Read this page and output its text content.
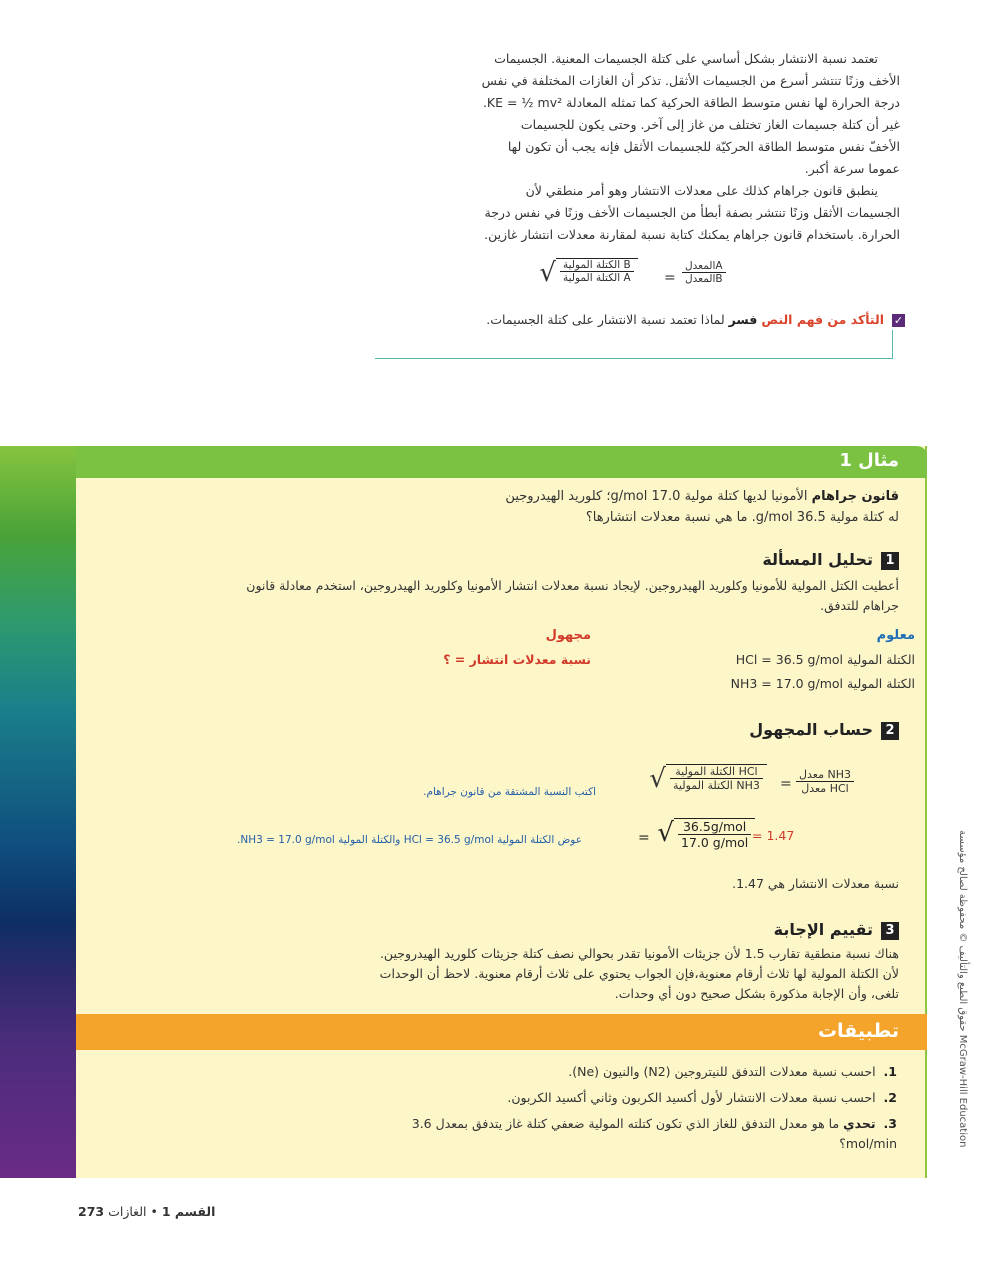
تعتمد نسبة الانتشار بشكل أساسي على كتلة الجسيمات المعنية. الجسيمات

الأخف وزنًا تنتشر أسرع من الجسيمات الأثقل. تذكر أن الغازات المختلفة في نفس

درجة الحرارة لها نفس متوسط الطاقة الحركية كما تمثله المعادلة KE = ½ mv².

غير أن كتلة جسيمات الغاز تختلف من غاز إلى آخر. وحتى يكون للجسيمات

الأخفّ نفس متوسط الطاقة الحركيّة للجسيمات الأثقل فإنه يجب أن تكون لها

عموما سرعة أكبر.

ينطبق قانون جراهام كذلك على معدلات الانتشار وهو أمر منطقي لأن

الجسيمات الأثقل وزنًا تنتشر بصفة أبطأ من الجسيمات الأخف وزنًا في نفس درجة

الحرارة. باستخدام قانون جراهام يمكنك كتابة نسبة لمقارنة معدلات انتشار غازين.

√ $\frac{\text{الكتلة المولية B}}{\text{الكتلة المولية A}}$ =
المعدلA
المعدلB
✓ التأكد من فهم النص فسر لماذا تعتمد نسبة الانتشار على كتلة الجسيمات.
مثال 1
قانون جراهام الأمونيا لديها كتلة مولية 17.0 g/mol؛ كلوريد الهيدروجين
له كتلة مولية 36.5 g/mol. ما هي نسبة معدلات انتشارها؟
1تحليل المسألة
أعطيت الكتل المولية للأمونيا وكلوريد الهيدروجين. لإيجاد نسبة معدلات انتشار الأمونيا وكلوريد الهيدروجين، استخدم معادلة قانون
جراهام للتدفق.
معلوم
الكتلة المولية HCl = 36.5 g/mol
الكتلة المولية NH3 = 17.0 g/mol
مجهول
نسبة معدلات انتشار = ؟
2حساب المجهول
√ $\frac{\text{الكتلة المولية HCl}}{\text{الكتلة المولية NH3}}$ =
معدل NH3
معدل HCl
اكتب النسبة المشتقة من قانون جراهام.
=
√ $\frac{\text{36.5g/mol}}{\text{17.0 g/mol}} = 1.47$
عوض الكتلة المولية HCl = 36.5 g/mol والكتلة المولية NH3 = 17.0 g/mol.
نسبة معدلات الانتشار هي 1.47.
3تقييم الإجابة
هناك نسبة منطقية تقارب 1.5 لأن جزيئات الأمونيا تقدر بحوالي نصف كتلة جزيئات كلوريد الهيدروجين.
لأن الكتلة المولية لها ثلاث أرقام معنوية،فإن الجواب يحتوي على ثلاث أرقام معنوية. لاحظ أن الوحدات
تلغى، وأن الإجابة مذكورة بشكل صحيح دون أي وحدات.
تطبيقات
1. احسب نسبة معدلات التدفق للنيتروجين (N2) والنيون (Ne).
2. احسب نسبة معدلات الانتشار لأول أكسيد الكربون وثاني أكسيد الكربون.
3. تحدي ما هو معدل التدفق للغاز الذي تكون كتلته المولية ضعفي كتلة غاز يتدفق بمعدل 3.6 mol/min؟
حقوق الطبع والتأليف © محفوظة لصالح مؤسسة McGraw-Hill Education
القسم 1 • الغازات 273
